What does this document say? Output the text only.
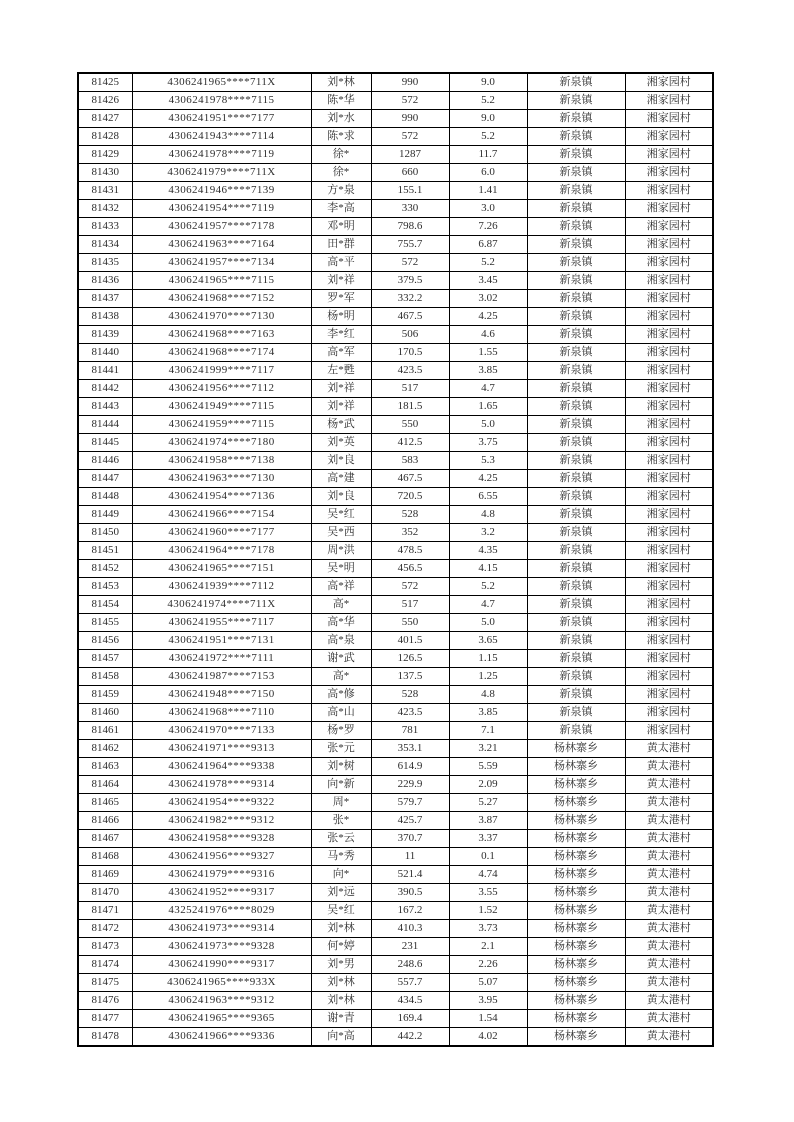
81425	4306241965****711X	刘*林	990	9.0	新泉镇	湘家园村
81426	4306241978****7115	陈*华	572	5.2	新泉镇	湘家园村
81427	4306241951****7177	刘*水	990	9.0	新泉镇	湘家园村
81428	4306241943****7114	陈*求	572	5.2	新泉镇	湘家园村
81429	4306241978****7119	徐*	1287	11.7	新泉镇	湘家园村
81430	4306241979****711X	徐*	660	6.0	新泉镇	湘家园村
81431	4306241946****7139	方*泉	155.1	1.41	新泉镇	湘家园村
81432	4306241954****7119	李*高	330	3.0	新泉镇	湘家园村
81433	4306241957****7178	邓*明	798.6	7.26	新泉镇	湘家园村
81434	4306241963****7164	田*群	755.7	6.87	新泉镇	湘家园村
81435	4306241957****7134	高*平	572	5.2	新泉镇	湘家园村
81436	4306241965****7115	刘*祥	379.5	3.45	新泉镇	湘家园村
81437	4306241968****7152	罗*军	332.2	3.02	新泉镇	湘家园村
81438	4306241970****7130	杨*明	467.5	4.25	新泉镇	湘家园村
81439	4306241968****7163	李*红	506	4.6	新泉镇	湘家园村
81440	4306241968****7174	高*军	170.5	1.55	新泉镇	湘家园村
81441	4306241999****7117	左*甦	423.5	3.85	新泉镇	湘家园村
81442	4306241956****7112	刘*祥	517	4.7	新泉镇	湘家园村
81443	4306241949****7115	刘*祥	181.5	1.65	新泉镇	湘家园村
81444	4306241959****7115	杨*武	550	5.0	新泉镇	湘家园村
81445	4306241974****7180	刘*英	412.5	3.75	新泉镇	湘家园村
81446	4306241958****7138	刘*良	583	5.3	新泉镇	湘家园村
81447	4306241963****7130	高*建	467.5	4.25	新泉镇	湘家园村
81448	4306241954****7136	刘*良	720.5	6.55	新泉镇	湘家园村
81449	4306241966****7154	吴*红	528	4.8	新泉镇	湘家园村
81450	4306241960****7177	吴*西	352	3.2	新泉镇	湘家园村
81451	4306241964****7178	周*洪	478.5	4.35	新泉镇	湘家园村
81452	4306241965****7151	吴*明	456.5	4.15	新泉镇	湘家园村
81453	4306241939****7112	高*祥	572	5.2	新泉镇	湘家园村
81454	4306241974****711X	高*	517	4.7	新泉镇	湘家园村
81455	4306241955****7117	高*华	550	5.0	新泉镇	湘家园村
81456	4306241951****7131	高*泉	401.5	3.65	新泉镇	湘家园村
81457	4306241972****7111	谢*武	126.5	1.15	新泉镇	湘家园村
81458	4306241987****7153	高*	137.5	1.25	新泉镇	湘家园村
81459	4306241948****7150	高*修	528	4.8	新泉镇	湘家园村
81460	4306241968****7110	高*山	423.5	3.85	新泉镇	湘家园村
81461	4306241970****7133	杨*罗	781	7.1	新泉镇	湘家园村
81462	4306241971****9313	张*元	353.1	3.21	杨林寨乡	黄太港村
81463	4306241964****9338	刘*树	614.9	5.59	杨林寨乡	黄太港村
81464	4306241978****9314	向*新	229.9	2.09	杨林寨乡	黄太港村
81465	4306241954****9322	周*	579.7	5.27	杨林寨乡	黄太港村
81466	4306241982****9312	张*	425.7	3.87	杨林寨乡	黄太港村
81467	4306241958****9328	张*云	370.7	3.37	杨林寨乡	黄太港村
81468	4306241956****9327	马*秀	11	0.1	杨林寨乡	黄太港村
81469	4306241979****9316	向*	521.4	4.74	杨林寨乡	黄太港村
81470	4306241952****9317	刘*远	390.5	3.55	杨林寨乡	黄太港村
81471	4325241976****8029	吴*红	167.2	1.52	杨林寨乡	黄太港村
81472	4306241973****9314	刘*林	410.3	3.73	杨林寨乡	黄太港村
81473	4306241973****9328	何*婷	231	2.1	杨林寨乡	黄太港村
81474	4306241990****9317	刘*男	248.6	2.26	杨林寨乡	黄太港村
81475	4306241965****933X	刘*林	557.7	5.07	杨林寨乡	黄太港村
81476	4306241963****9312	刘*林	434.5	3.95	杨林寨乡	黄太港村
81477	4306241965****9365	谢*青	169.4	1.54	杨林寨乡	黄太港村
81478	4306241966****9336	向*高	442.2	4.02	杨林寨乡	黄太港村
